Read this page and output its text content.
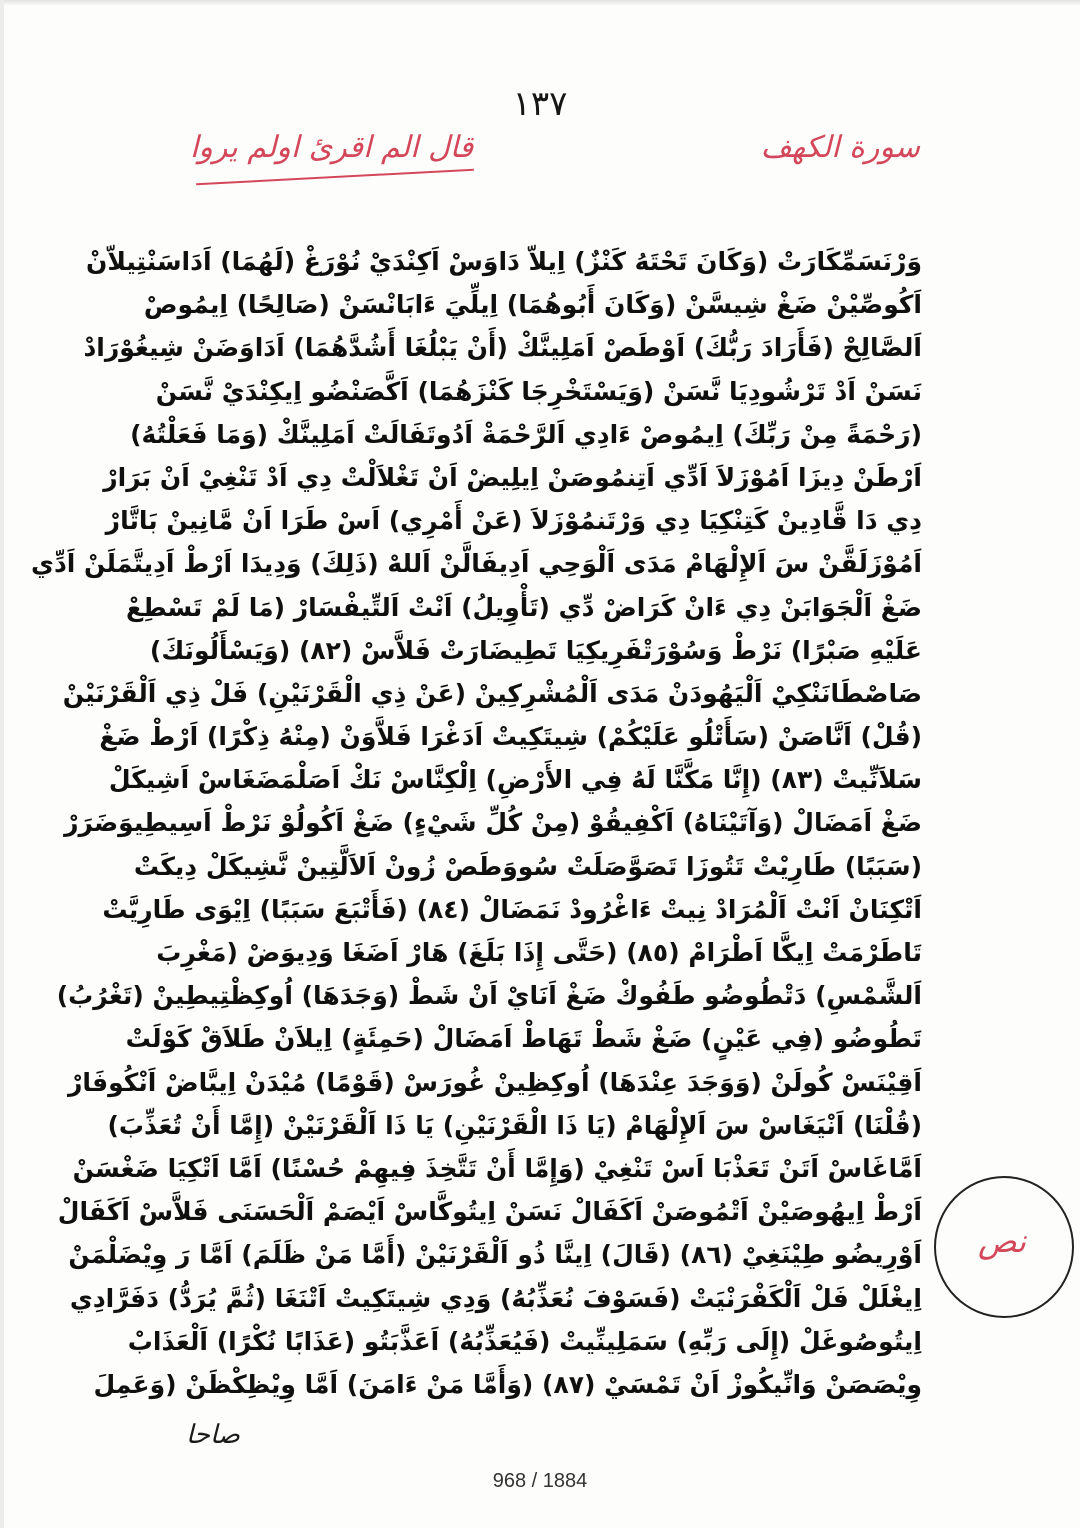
١٣٧
سورة الكهف
قال الم اقرئ اولم يروا
وَرْنَسَمِّكَارَتْ (وَكَانَ تَحْتَهُ كَنْزٌ) اِيلاّ دَاوَسْ اَكِنْدَيْ نُوْرَغْ (لَهُمَا) اَدَاسَنْتِيلاّنْ
اَكُوصِّيْنْ ضَغْ شِيسَّنْ (وَكَانَ أَبُوهُمَا) اِيلِّيَ ءَابَانْسَنْ (صَالِحًا) اِيمُوصْ
اَلصَّالِحْ (فَأَرَادَ رَبُّكَ) اَوْطَصْ اَمَلِينَّكْ (أَنْ يَبْلُغَا أَشُدَّهُمَا) اَدَاوَضَنْ شِيغُوْرَادْ
نَسَنْ اَدْ تَرْشُودِيَا نَّسَنْ (وَيَسْتَخْرِجَا كَنْزَهُمَا) اَكَّصَنْضُو اِيكِنْدَيْ نَّسَنْ
(رَحْمَةً مِنْ رَبِّكَ) اِيمُوصْ ءَادِي اَلرَّحْمَةْ اَدُوتَفَالَتْ اَمَلِينَّكْ (وَمَا فَعَلْتُهُ)
اَرْطَنْ دِيزَا اَمُوْزَلاَ اَدِّي اَتِنمُوصَنْ اِيلِيضْ اَنْ تَغْلاَلْتْ دِي اَدْ تَنْغِيْ اَنْ بَرَارْ
دِي دَا قَّادِينْ كَتِنْكِيَا دِي وَرْتَنمُوْزَلاَ (عَنْ أَمْرِي) اَسْ طَرَا اَنْ مَّانِينْ بَاتَّارْ
اَمُوْزَلَقَّنْ سَ اَلإِلْهَامْ مَدَى اَلْوَحِي اَدِيفَالَّنْ اَللهْ (ذَلِكَ) وَدِيدَا اَرْطْ اَدِيتَّمَلَنْ اَدِّي
ضَغْ اَلْجَوَابَنْ دِي ءَانْ كَرَاضْ دِّي (تَأْوِيلُ) اَنْتْ اَلتِّيفْسَارْ (مَا لَمْ تَسْطِعْ
عَلَيْهِ صَبْرًا) نَرْطْ وَسُوْرَتْفَرِيكِيَا تَطِيضَارَتْ فَلاَّسْ (٨٢) (وَيَسْأَلُونَكَ)
صَاصْطَانَنْكِيْ اَلْيَهُودَنْ مَدَى اَلْمُشْرِكِينْ (عَنْ ذِي الْقَرْنَيْنِ) فَلْ ذِي اَلْقَرْنَيْنْ
(قُلْ) اَنَّاصَنْ (سَأَتْلُو عَلَيْكُمْ) شِيتَكِيتْ اَدَغْرَا فَلاَّوَنْ (مِنْهُ ذِكْرًا) اَرْطْ ضَغْ
سَلاَنِّيتْ (٨٣) (إِنَّا مَكَّنَّا لَهُ فِي الأَرْضِ) اِلْكِنَّاسْ نَكْ اَصَلْمَضَغَاسْ اَشِيكَلْ
ضَغْ اَمَضَالْ (وَآتَيْنَاهُ) اَكْفِيقُوْ (مِنْ كُلِّ شَيْءٍ) ضَغْ اَكُولُوْ نَرْطْ اَسِيطِيوَضَرَرْ
(سَبَبًا) طَارِيْتْ تَتُوزَا تَصَوَّصَلَتْ سُووَطَصْ زُونْ اَلاَلَّتِينْ نَّشِيكَلْ دِيكَتْ
اَتْكِنَانْ اَنْتْ اَلْمُرَادْ نِيتْ ءَاغْرُودْ نَمَضَالْ (٨٤) (فَأَتْبَعَ سَبَبًا) اِيْوَى طَارِيَّتْ
تَاطَرْمَتْ اِيكَّا اَطْرَامْ (٨٥) (حَتَّى إِذَا بَلَغَ) هَارْ اَضَغَا وَدِيوَضْ (مَغْرِبَ
اَلشَّمْسِ) دَتْطُوضُو طَفُوكْ ضَغْ اَنَايْ اَنْ شَطْ (وَجَدَهَا) اُوكِظْتِيطِينْ (تَغْرُبُ)
تَطُوضُو (فِي عَيْنٍ) ضَغْ شَطْ تَهَاطْ اَمَضَالْ (حَمِئَةٍ) اِيلاَنْ طَلاَقْ كَوْلَتْ
اَقِيْنَسْ كُولَنْ (وَوَجَدَ عِنْدَهَا) اُوكِظِينْ غُورَسْ (قَوْمًا) مُيْدَنْ اِيبَّاضْ اَنْكُوفَارْ
(قُلْنَا) اَنْيَغَاسْ سَ اَلإِلْهَامْ (يَا ذَا الْقَرْنَيْنِ) يَا ذَا اَلْقَرْنَيْنْ (إِمَّا أَنْ تُعَذِّبَ)
اَمَّاغَاسْ اَتَنْ تَعَذْبَا اَسْ تَنْغِيْ (وَإِمَّا أَنْ تَتَّخِذَ فِيهِمْ حُسْنًا) اَمَّا اَتْكِيَا ضَغْسَنْ
اَرْطْ اِيهُوصَيْنْ اَتْمُوصَنْ اَكَفَالْ نَسَنْ اِيتُوكَّاسْ اَيْصَمْ اَلْحَسَنَى فَلاَّسْ اَكَفَالْ
اَوْرِيضُو طِيْنَغِيْ (٨٦) (قَالَ) اِينَّا ذُو اَلْقَرْنَيْنْ (أَمَّا مَنْ ظَلَمَ) اَمَّا رَ وِيْضَلْمَنْ
اِيغْلَلْ فَلْ اَلْكَفْرَنْيَتْ (فَسَوْفَ نُعَذِّبُهُ) وَدِي شِيتَكِيتْ اَتْنَغَا (ثُمَّ يُرَدُّ) دَفَرَّادِي
اِيتُوصُوغَلْ (إِلَى رَبِّهِ) سَمَلِينِّيتْ (فَيُعَذِّبُهُ) اَعَذَّبَتُو (عَذَابًا نُكْرًا) اَلْعَذَابْ
وِيْصَصَنْ وَانِّيكُوزْ اَنْ تَمْسَيْ (٨٧) (وَأَمَّا مَنْ ءَامَنَ) اَمَّا وِيْظِكْظَنْ (وَعَمِلَ
نص
صاحا
968 / 1884
